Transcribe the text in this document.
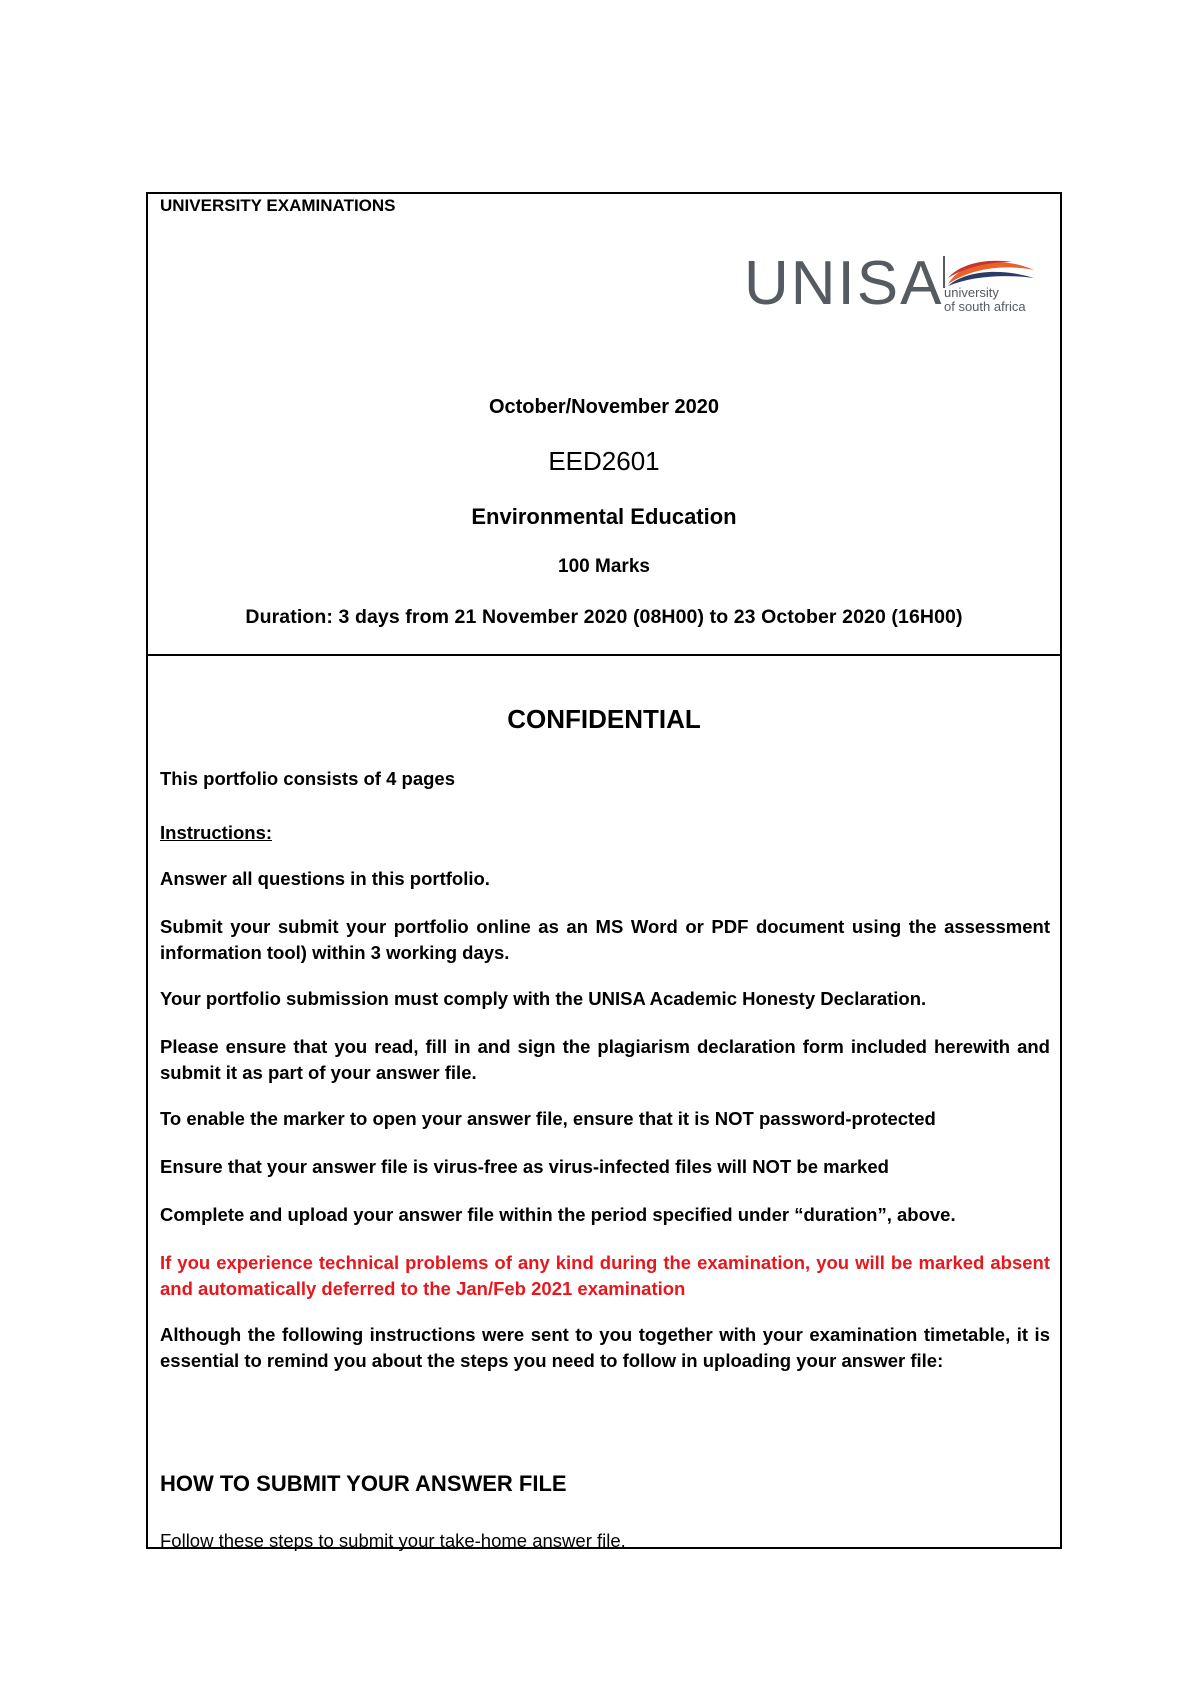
UNIVERSITY EXAMINATIONS
UNISA university
of south africa
October/November 2020
EED2601
Environmental Education
100 Marks
Duration: 3 days from 21 November 2020 (08H00) to 23 October 2020 (16H00)
CONFIDENTIAL
This portfolio consists of 4 pages
Instructions:
Answer all questions in this portfolio.
Submit your submit your portfolio online as an MS Word or PDF document using the assessment information tool) within 3 working days.
Your portfolio submission must comply with the UNISA Academic Honesty Declaration.
Please ensure that you read, fill in and sign the plagiarism declaration form included herewith and submit it as part of your answer file.
To enable the marker to open your answer file, ensure that it is NOT password-protected
Ensure that your answer file is virus-free as virus-infected files will NOT be marked
Complete and upload your answer file within the period specified under “duration”, above.
If you experience technical problems of any kind during the examination, you will be marked absent and automatically deferred to the Jan/Feb 2021 examination
Although the following instructions were sent to you together with your examination timetable, it is essential to remind you about the steps you need to follow in uploading your answer file:
HOW TO SUBMIT YOUR ANSWER FILE
Follow these steps to submit your take-home answer file.
